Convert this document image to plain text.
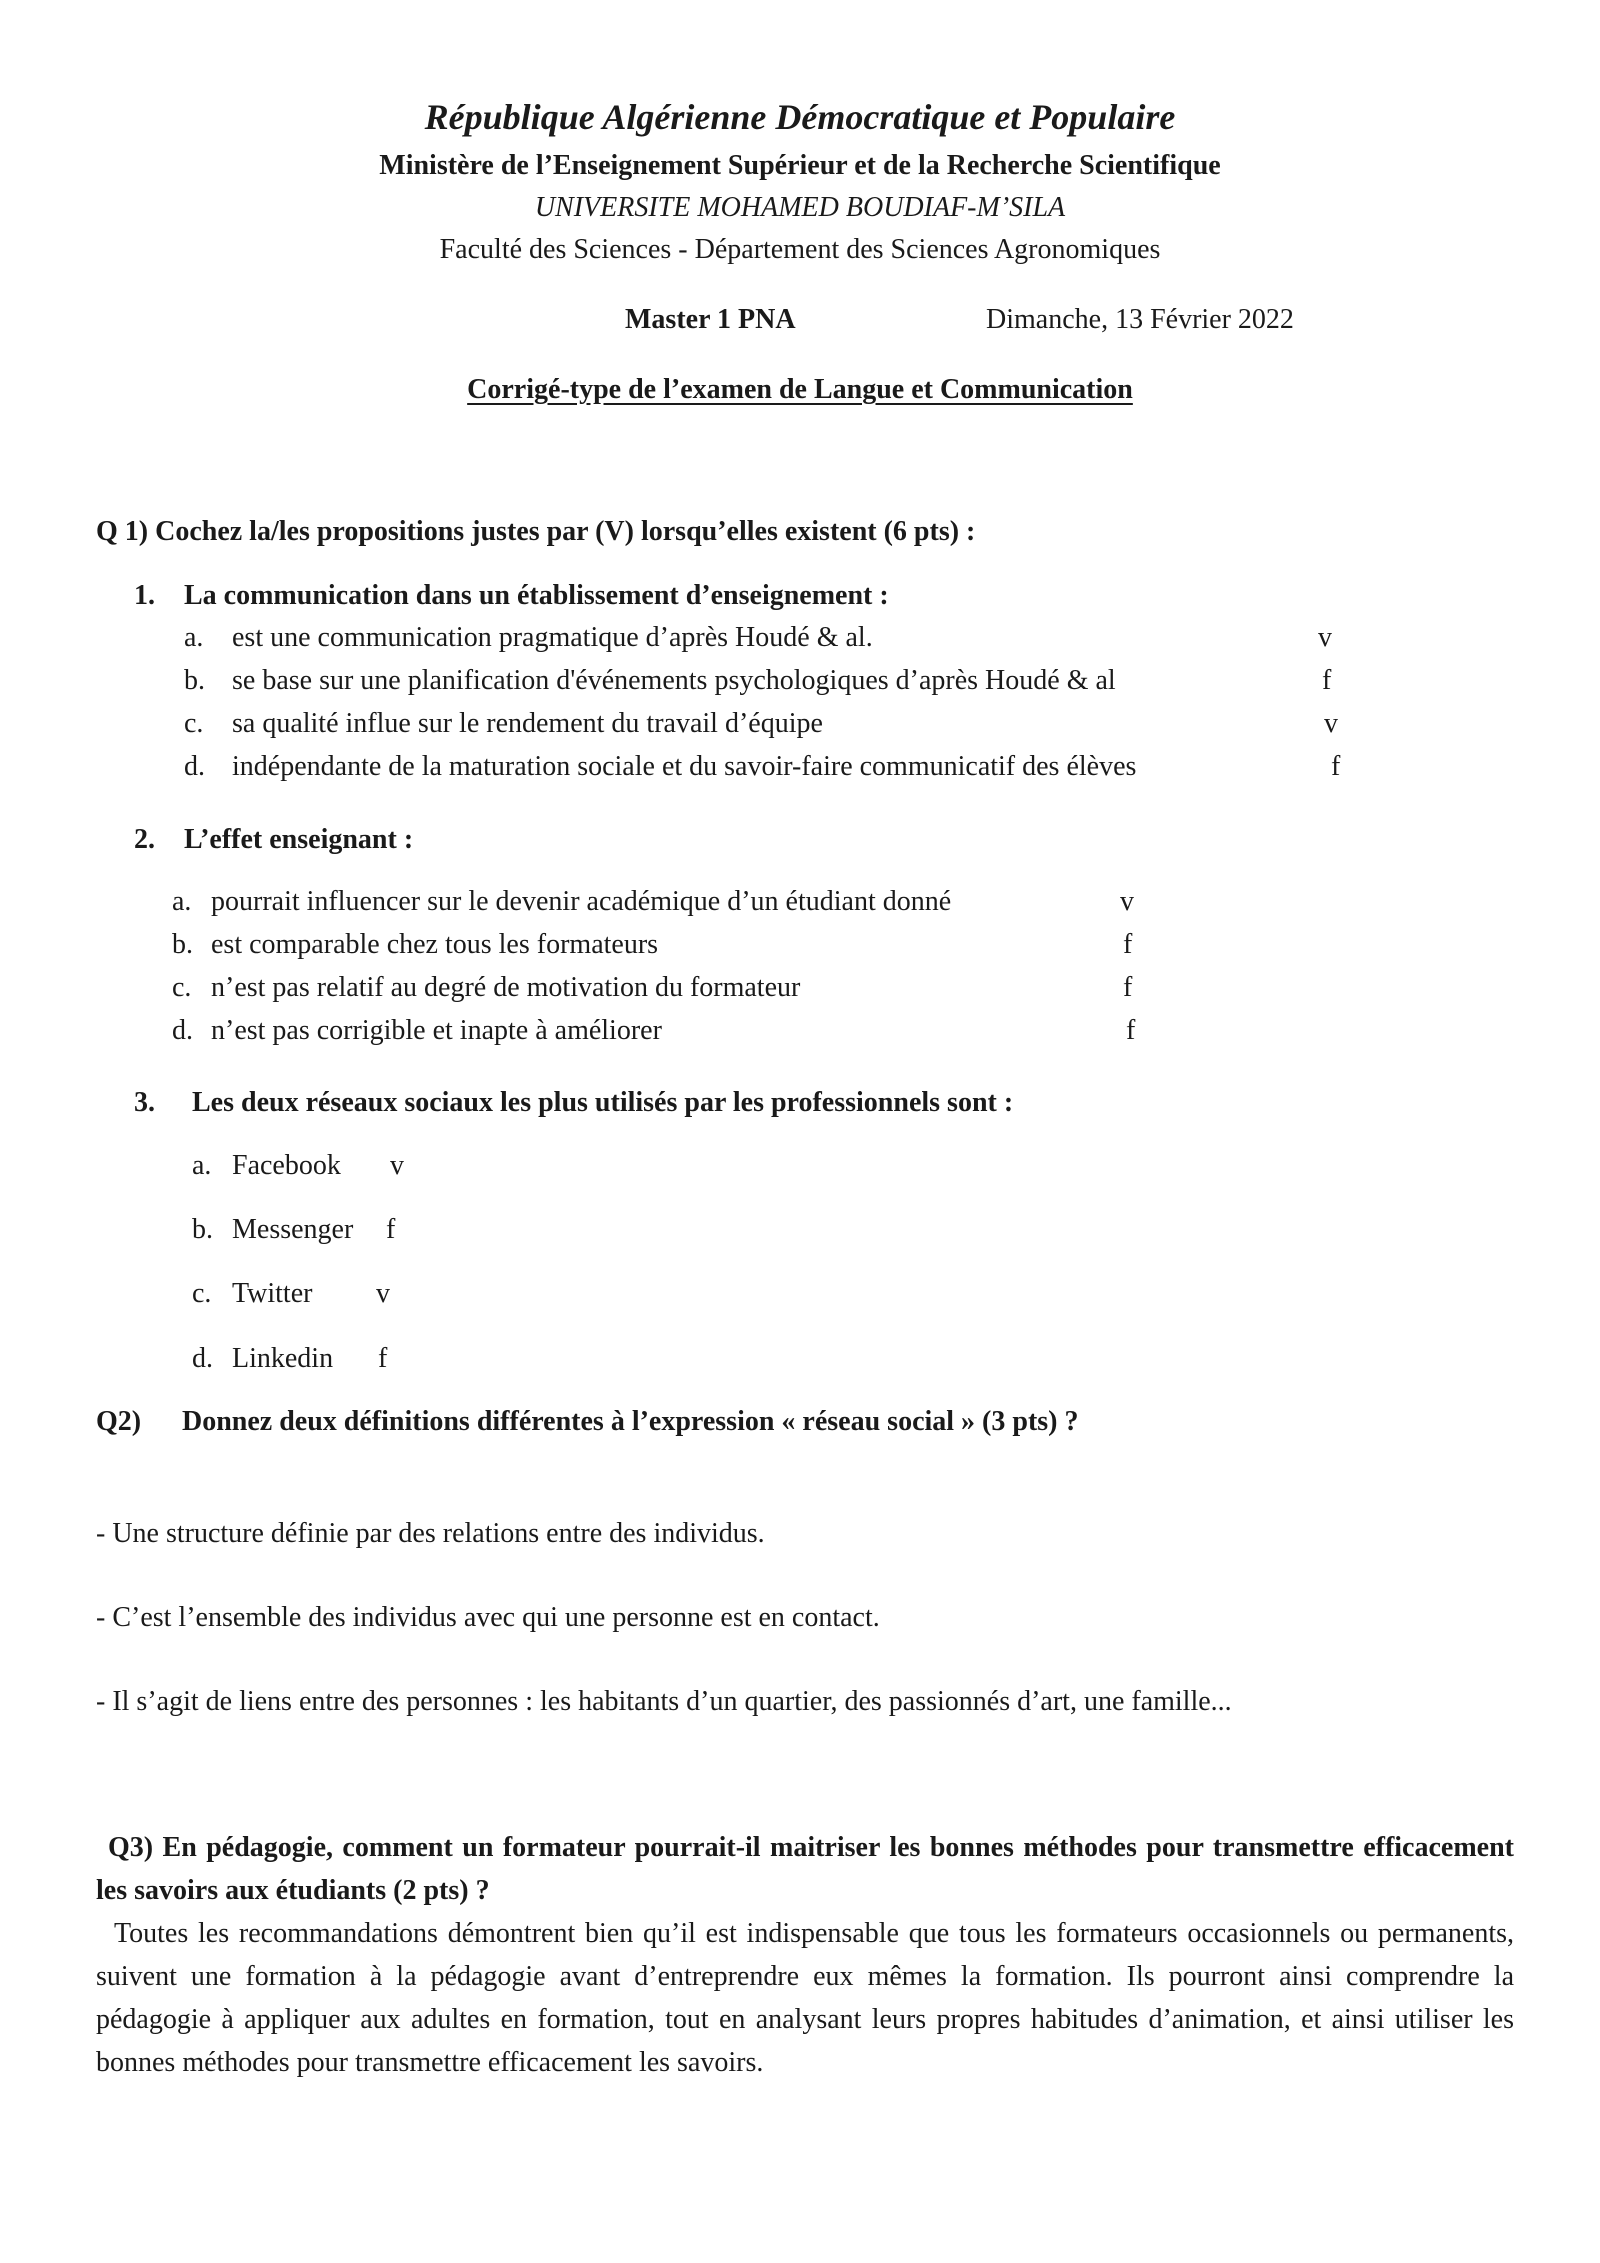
République Algérienne Démocratique et Populaire
Ministère de l’Enseignement Supérieur et de la Recherche Scientifique
UNIVERSITE MOHAMED BOUDIAF-M’SILA
Faculté des Sciences - Département des Sciences Agronomiques
Master 1 PNA	Dimanche, 13 Février 2022
Corrigé-type de l’examen de Langue et Communication
Q 1) Cochez la/les propositions justes par (V) lorsqu’elles existent (6 pts) :
1. La communication dans un établissement d’enseignement :
a. est une communication pragmatique d’après Houdé & al.	v
b. se base sur une planification d'événements psychologiques d’après Houdé & al	f
c. sa qualité influe sur le rendement du travail d’équipe	v
d. indépendante de la maturation sociale et du savoir-faire communicatif des élèves	f
2. L’effet enseignant :
a. pourrait influencer sur le devenir académique d’un étudiant donné	v
b. est comparable chez tous les formateurs	f
c. n’est pas relatif au degré de motivation du formateur	f
d. n’est pas corrigible et inapte à améliorer	f
3. Les deux réseaux sociaux les plus utilisés par les professionnels sont :
a. Facebook v
b. Messenger f
c. Twitter v
d. Linkedin f
Q2) Donnez deux définitions différentes à l’expression « réseau social » (3 pts) ?
- Une structure définie par des relations entre des individus.
- C’est l’ensemble des individus avec qui une personne est en contact.
- Il s’agit de liens entre des personnes : les habitants d’un quartier, des passionnés d’art, une famille...
Q3) En pédagogie, comment un formateur pourrait-il maitriser les bonnes méthodes pour transmettre efficacement les savoirs aux étudiants (2 pts) ?
Toutes les recommandations démontrent bien qu’il est indispensable que tous les formateurs occasionnels ou permanents, suivent une formation à la pédagogie avant d’entreprendre eux mêmes la formation. Ils pourront ainsi comprendre la pédagogie à appliquer aux adultes en formation, tout en analysant leurs propres habitudes d’animation, et ainsi utiliser les bonnes méthodes pour transmettre efficacement les savoirs.
